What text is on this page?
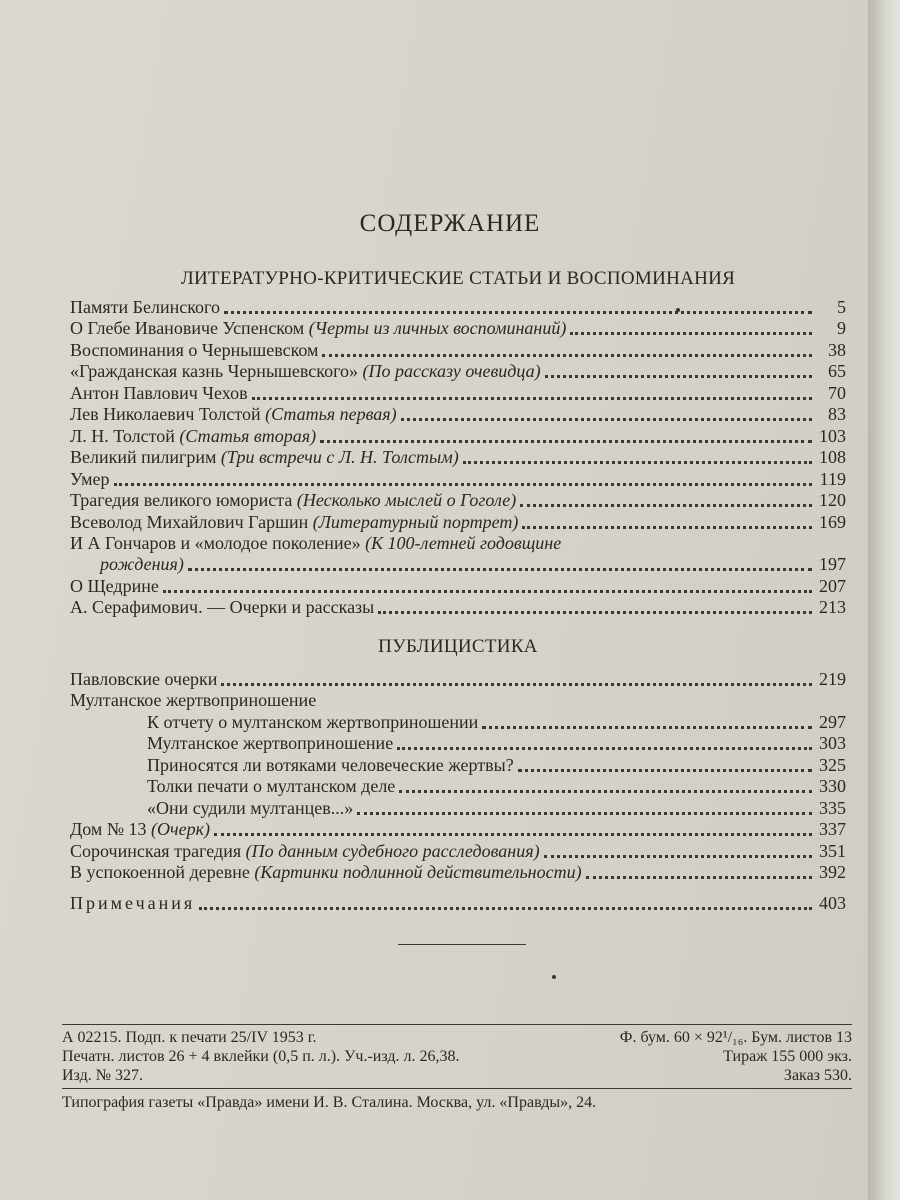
СОДЕРЖАНИЕ
ЛИТЕРАТУРНО-КРИТИЧЕСКИЕ СТАТЬИ И ВОСПОМИНАНИЯ
Памяти Белинского	5
О Глебе Ивановиче Успенском (Черты из личных воспоминаний)	9
Воспоминания о Чернышевском	38
«Гражданская казнь Чернышевского» (По рассказу очевидца)	65
Антон Павлович Чехов	70
Лев Николаевич Толстой (Статья первая)	83
Л. Н. Толстой (Статья вторая)	103
Великий пилигрим (Три встречи с Л. Н. Толстым)	108
Умер	119
Трагедия великого юмориста (Несколько мыслей о Гоголе)	120
Всеволод Михайлович Гаршин (Литературный портрет)	169
И А Гончаров и «молодое поколение» (К 100-летней годовщине
рождения)	197
О Щедрине	207
А. Серафимович. — Очерки и рассказы	213
ПУБЛИЦИСТИКА
Павловские очерки	219
Мултанское жертвоприношение
К отчету о мултанском жертвоприношении	297
Мултанское жертвоприношение	303
Приносятся ли вотяками человеческие жертвы?	325
Толки печати о мултанском деле	330
«Они судили мултанцев...»	335
Дом № 13 (Очерк)	337
Сорочинская трагедия (По данным судебного расследования)	351
В успокоенной деревне (Картинки подлинной действительности)	392
Примечания	403
А 02215. Подп. к печати 25/IV 1953 г.	Ф. бум. 60 × 92¹/₁₆. Бум. листов 13
Печатн. листов 26 + 4 вклейки (0,5 п. л.). Уч.-изд. л. 26,38.	Тираж 155 000 экз.
Изд. № 327.	Заказ 530.
Типография газеты «Правда» имени И. В. Сталина. Москва, ул. «Правды», 24.
